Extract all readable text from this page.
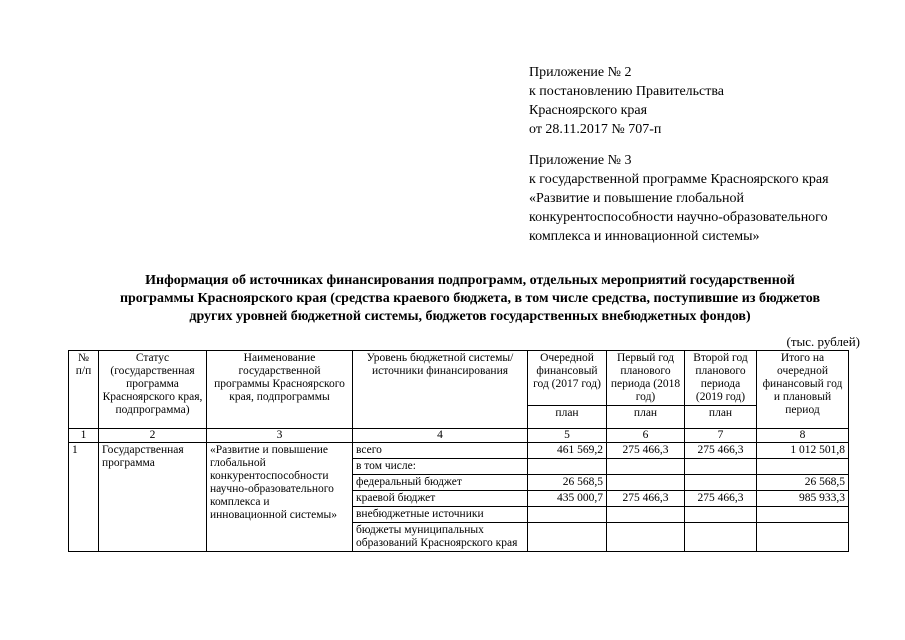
Приложение № 2
к постановлению Правительства
Красноярского края
от 28.11.2017 № 707-п
Приложение № 3
к государственной программе Красноярского края
«Развитие и повышение глобальной
конкурентоспособности научно-образовательного
комплекса и инновационной системы»
Информация об источниках финансирования подпрограмм, отдельных мероприятий государственной
программы Красноярского края (средства краевого бюджета, в том числе средства, поступившие из бюджетов
других уровней бюджетной системы, бюджетов государственных внебюджетных фондов)
(тыс. рублей)
№ п/п	Статус (государственная программа Красноярского края, подпрограмма)	Наименование государственной программы Красноярского края, подпрограммы	Уровень бюджетной системы/ источники финансирования	Очередной финансовый год (2017 год)	Первый год планового периода (2018 год)	Второй год планового периода (2019 год)	Итого на очередной финансовый год и плановый период
				план	план	план	
1	2	3	4	5	6	7	8
1	Государственная программа	«Развитие и повышение глобальной конкурентоспособности научно-образовательного комплекса и инновационной системы»	всего	461 569,2	275 466,3	275 466,3	1 012 501,8
			в том числе:				
			федеральный бюджет	26 568,5			26 568,5
			краевой бюджет	435 000,7	275 466,3	275 466,3	985 933,3
			внебюджетные источники				
			бюджеты муниципальных образований Красноярского края				
